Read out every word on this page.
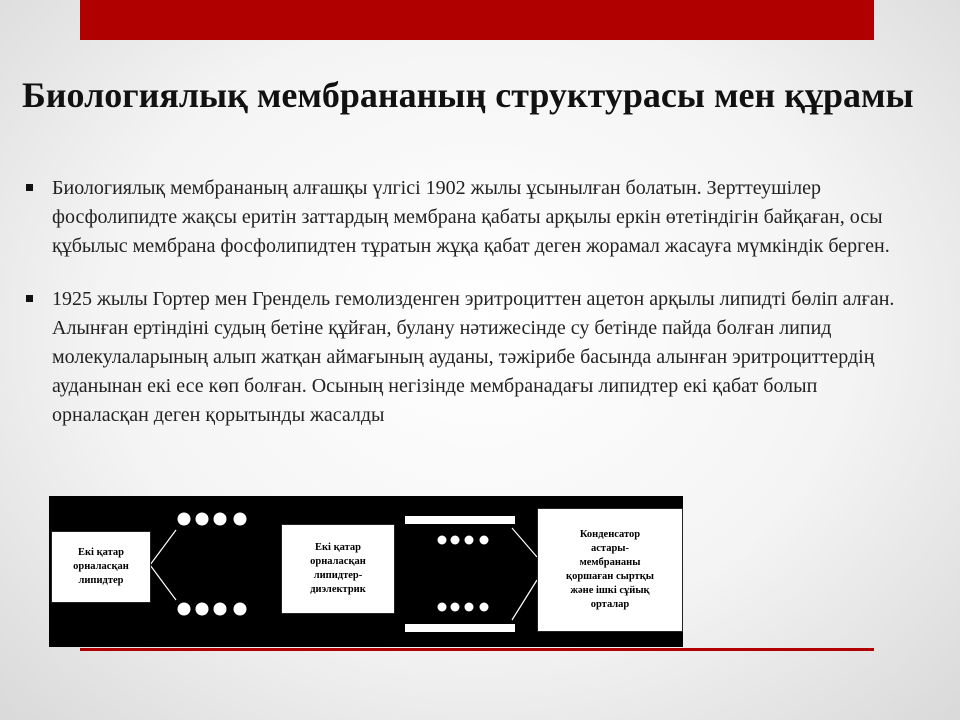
Биологиялық мембрананың структурасы мен құрамы
Биологиялық мембрананың алғашқы үлгісі 1902 жылы ұсынылған болатын. Зерттеушілер фосфолипидте жақсы еритін заттардың мембрана қабаты арқылы еркін өтетіндігін байқаған, осы құбылыс мембрана фосфолипидтен тұратын жұқа қабат деген жорамал жасауға мүмкіндік берген.
1925 жылы Гортер мен Грендель гемолизденген эритроциттен ацетон арқылы липидті бөліп алған. Алынған ертіндіні судың бетіне құйған, булану нәтижесінде су бетінде пайда болған липид молекулаларының алып жатқан аймағының ауданы, тәжірибе басында алынған эритроциттердің ауданынан екі есе көп болған. Осының негізінде мембранадағы липидтер екі қабат болып орналасқан деген қорытынды жасалды
Екі қатар
орналасқан
липидтер
Екі қатар
орналасқан
липидтер-
диэлектрик
Конденсатор
астары-
мембрананы
қоршаған сыртқы
және ішкі сұйық
орталар
